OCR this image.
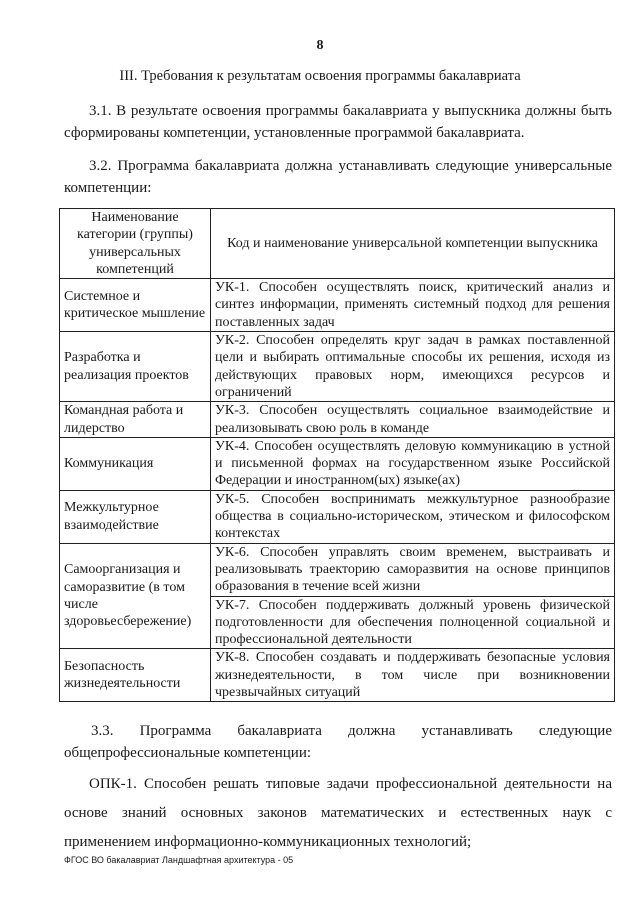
8
III. Требования к результатам освоения программы бакалавриата
3.1. В результате освоения программы бакалавриата у выпускника должны быть сформированы компетенции, установленные программой бакалавриата.
3.2. Программа бакалавриата должна устанавливать следующие универсальные компетенции:
Наименование категории (группы) универсальных компетенций	Код и наименование универсальной компетенции выпускника
Системное и критическое мышление	УК-1. Способен осуществлять поиск, критический анализ и синтез информации, применять системный подход для решения поставленных задач
Разработка и реализация проектов	УК-2. Способен определять круг задач в рамках поставленной цели и выбирать оптимальные способы их решения, исходя из действующих правовых норм, имеющихся ресурсов и ограничений
Командная работа и лидерство	УК-3. Способен осуществлять социальное взаимодействие и реализовывать свою роль в команде
Коммуникация	УК-4. Способен осуществлять деловую коммуникацию в устной и письменной формах на государственном языке Российской Федерации и иностранном(ых) языке(ах)
Межкультурное взаимодействие	УК-5. Способен воспринимать межкультурное разнообразие общества в социально-историческом, этическом и философском контекстах
Самоорганизация и саморазвитие (в том числе здоровьесбережение)	УК-6. Способен управлять своим временем, выстраивать и реализовывать траекторию саморазвития на основе принципов образования в течение всей жизни
	УК-7. Способен поддерживать должный уровень физической подготовленности для обеспечения полноценной социальной и профессиональной деятельности
Безопасность жизнедеятельности	УК-8. Способен создавать и поддерживать безопасные условия жизнедеятельности, в том числе при возникновении чрезвычайных ситуаций
3.3. Программа бакалавриата должна устанавливать следующие
общепрофессиональные компетенции:
ОПК-1. Способен решать типовые задачи профессиональной деятельности на основе знаний основных законов математических и естественных наук с применением информационно-коммуникационных технологий;
ФГОС ВО бакалавриат Ландшафтная архитектура - 05
